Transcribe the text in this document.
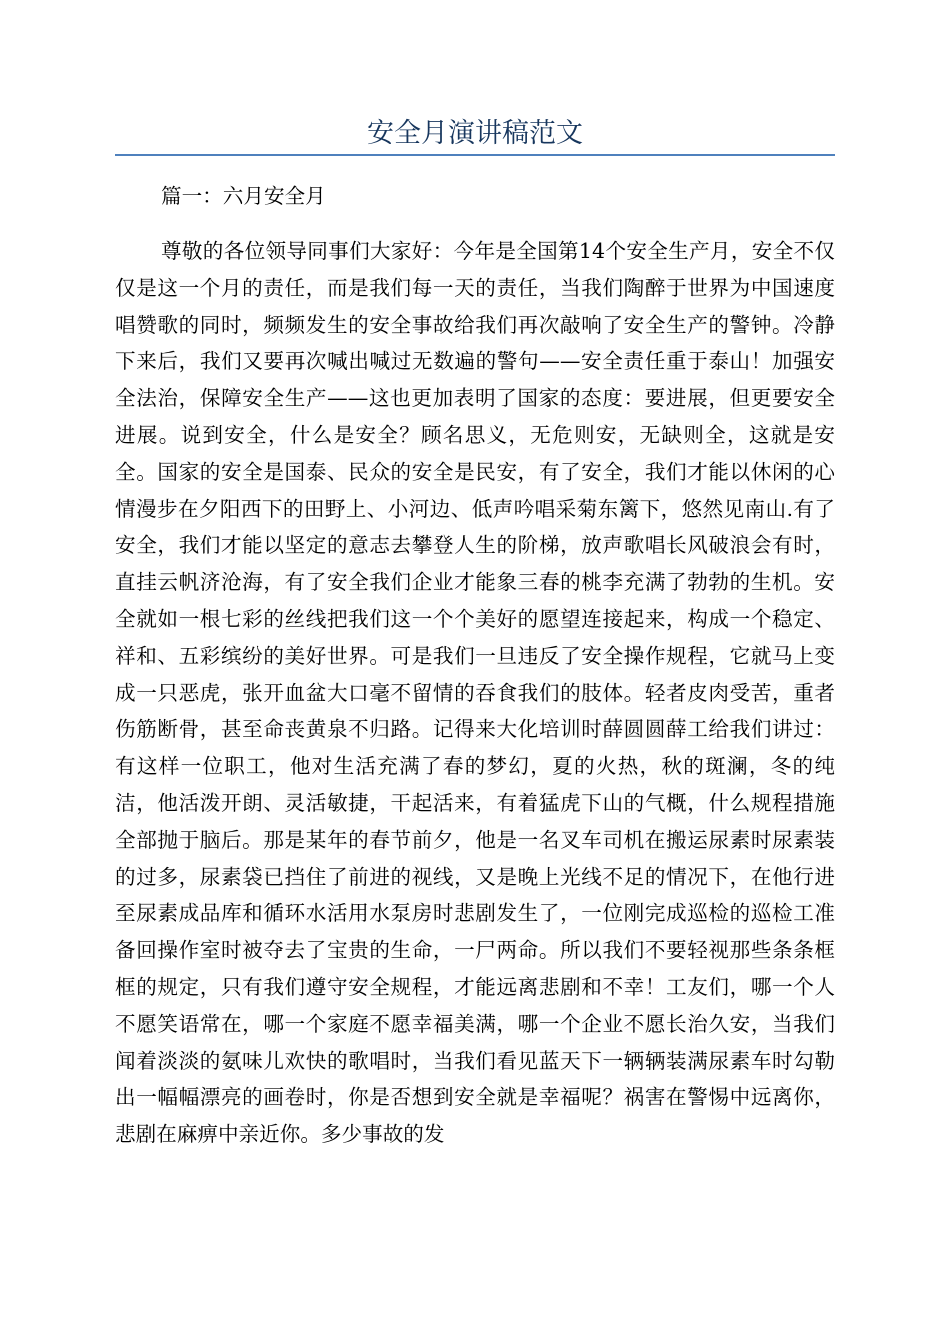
安全月演讲稿范文

篇一：六月安全月

尊敬的各位领导同事们大家好：今年是全国第14个安全生产月，安全不仅仅是这一个月的责任，而是我们每一天的责任，当我们陶醉于世界为中国速度唱赞歌的同时，频频发生的安全事故给我们再次敲响了安全生产的警钟。冷静下来后，我们又要再次喊出喊过无数遍的警句——安全责任重于泰山！加强安全法治，保障安全生产——这也更加表明了国家的态度：要进展，但更要安全进展。说到安全，什么是安全？顾名思义，无危则安，无缺则全，这就是安全。国家的安全是国泰、民众的安全是民安，有了安全，我们才能以休闲的心情漫步在夕阳西下的田野上、小河边、低声吟唱采菊东篱下，悠然见南山.有了安全，我们才能以坚定的意志去攀登人生的阶梯，放声歌唱长风破浪会有时，直挂云帆济沧海，有了安全我们企业才能象三春的桃李充满了勃勃的生机。安全就如一根七彩的丝线把我们这一个个美好的愿望连接起来，构成一个稳定、祥和、五彩缤纷的美好世界。可是我们一旦违反了安全操作规程，它就马上变成一只恶虎，张开血盆大口毫不留情的吞食我们的肢体。轻者皮肉受苦，重者伤筋断骨，甚至命丧黄泉不归路。记得来大化培训时薛圆圆薛工给我们讲过：有这样一位职工，他对生活充满了春的梦幻，夏的火热，秋的斑澜，冬的纯洁，他活泼开朗、灵活敏捷，干起活来，有着猛虎下山的气概，什么规程措施全部抛于脑后。那是某年的春节前夕，他是一名叉车司机在搬运尿素时尿素装的过多，尿素袋已挡住了前进的视线，又是晚上光线不足的情况下，在他行进至尿素成品库和循环水活用水泵房时悲剧发生了，一位刚完成巡检的巡检工准备回操作室时被夺去了宝贵的生命，一尸两命。所以我们不要轻视那些条条框框的规定，只有我们遵守安全规程，才能远离悲剧和不幸！工友们，哪一个人不愿笑语常在，哪一个家庭不愿幸福美满，哪一个企业不愿长治久安，当我们闻着淡淡的氨味儿欢快的歌唱时，当我们看见蓝天下一辆辆装满尿素车时勾勒出一幅幅漂亮的画卷时，你是否想到安全就是幸福呢？祸害在警惕中远离你，悲剧在麻痹中亲近你。多少事故的发
